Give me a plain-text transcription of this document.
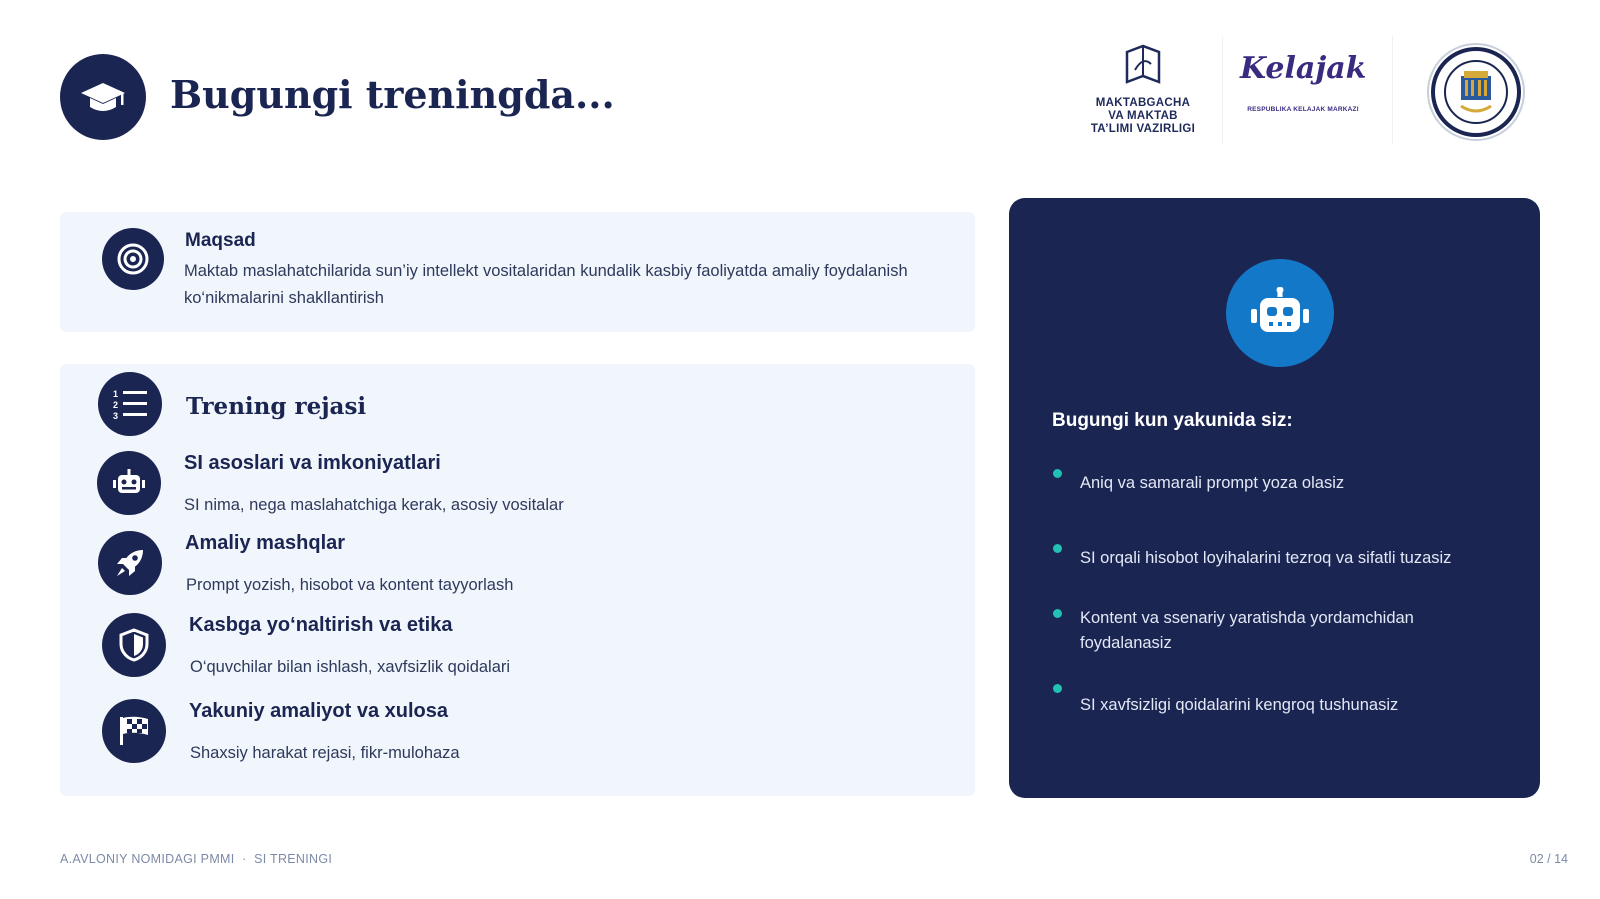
Bugungi treningda...	MAKTABGACHA
VA MAKTAB
TA’LIMI VAZIRLIGI
Kelajak
RESPUBLIKA KELAJAK MARKAZI
Maqsad
Maktab maslahatchilarida sun’iy intellekt vositalaridan kundalik kasbiy faoliyatda amaliy foydalanish ko‘nikmalarini shakllantirish
1
2
3	Trening rejasi
SI asoslari va imkoniyatlari
SI nima, nega maslahatchiga kerak, asosiy vositalar
Amaliy mashqlar
Prompt yozish, hisobot va kontent tayyorlash
Kasbga yo‘naltirish va etika
O‘quvchilar bilan ishlash, xavfsizlik qoidalari
Yakuniy amaliyot va xulosa
Shaxsiy harakat rejasi, fikr-mulohaza
Bugungi kun yakunida siz:
Aniq va samarali prompt yoza olasiz
SI orqali hisobot loyihalarini tezroq va sifatli tuzasiz
Kontent va ssenariy yaratishda yordamchidan foydalanasiz
SI xavfsizligi qoidalarini kengroq tushunasiz
A.AVLONIY NOMIDAGI PMMI  ·  SI TRENINGI	02 / 14
